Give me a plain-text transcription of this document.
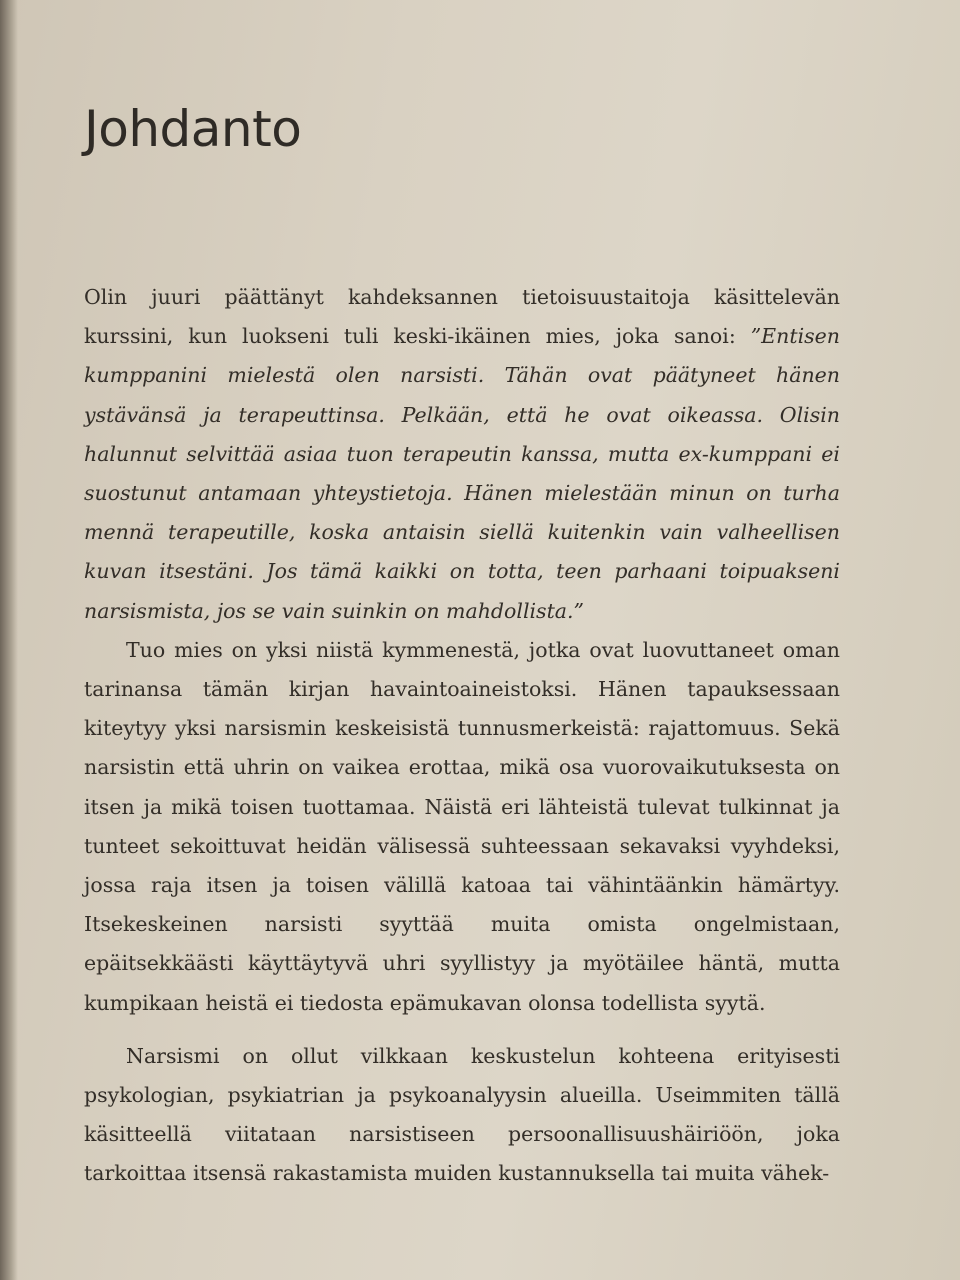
Johdanto

Olin juuri päättänyt kahdeksannen tietoisuustaitoja käsittelevän kurssini, kun luokseni tuli keski-ikäinen mies, joka sanoi: ”Entisen kumppanini mielestä olen narsisti. Tähän ovat päätyneet hänen ystävänsä ja terapeuttinsa. Pelkään, että he ovat oikeassa. Olisin halunnut selvittää asiaa tuon terapeutin kanssa, mutta ex-kumppani ei suostunut antamaan yhteystietoja. Hänen mielestään minun on turha mennä terapeutille, koska antaisin siellä kuitenkin vain valheellisen kuvan itsestäni. Jos tämä kaikki on totta, teen parhaani toipuakseni narsismista, jos se vain suinkin on mahdollista.”

Tuo mies on yksi niistä kymmenestä, jotka ovat luovuttaneet oman tarinansa tämän kirjan havaintoaineistoksi. Hänen tapauksessaan kiteytyy yksi narsismin keskeisistä tunnusmerkeistä: rajattomuus. Sekä narsistin että uhrin on vaikea erottaa, mikä osa vuorovaikutuksesta on itsen ja mikä toisen tuottamaa. Näistä eri lähteistä tulevat tulkinnat ja tunteet sekoittuvat heidän välisessä suhteessaan sekavaksi vyyhdeksi, jossa raja itsen ja toisen välillä katoaa tai vähintäänkin hämärtyy. Itsekeskeinen narsisti syyttää muita omista ongelmistaan, epäitsekkäästi käyttäytyvä uhri syyllistyy ja myötäilee häntä, mutta kumpikaan heistä ei tiedosta epämukavan olonsa todellista syytä.

Narsismi on ollut vilkkaan keskustelun kohteena erityisesti psykologian, psykiatrian ja psykoanalyysin alueilla. Useimmiten tällä käsitteellä viitataan narsistiseen persoonallisuushäiriöön, joka tarkoittaa itsensä rakastamista muiden kustannuksella tai muita vähek-
